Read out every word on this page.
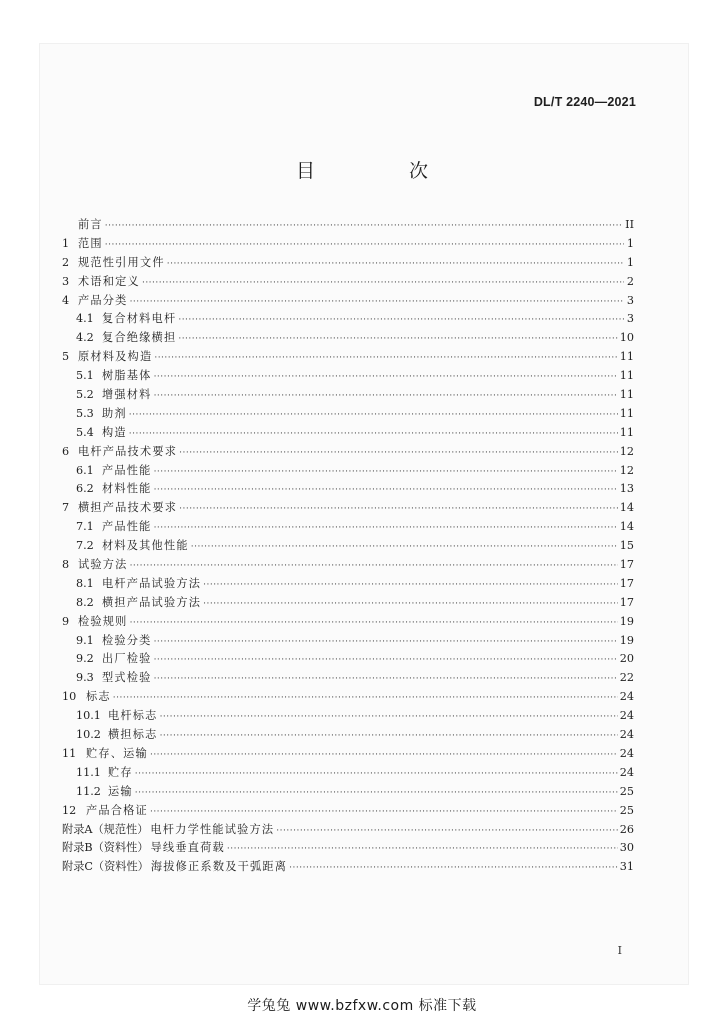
DL/T 2240—2021
目 次
前言 ·····	II
1 范围 ·····	1
2 规范性引用文件 ·····	1
3 术语和定义 ·····	2
4 产品分类 ·····	3
4.1 复合材料电杆 ·····	3
4.2 复合绝缘横担 ·····	10
5 原材料及构造 ·····	11
5.1 树脂基体 ·····	11
5.2 增强材料 ·····	11
5.3 助剂 ·····	11
5.4 构造 ·····	11
6 电杆产品技术要求 ·····	12
6.1 产品性能 ·····	12
6.2 材料性能 ·····	13
7 横担产品技术要求 ·····	14
7.1 产品性能 ·····	14
7.2 材料及其他性能 ·····	15
8 试验方法 ·····	17
8.1 电杆产品试验方法 ·····	17
8.2 横担产品试验方法 ·····	17
9 检验规则 ·····	19
9.1 检验分类 ·····	19
9.2 出厂检验 ·····	20
9.3 型式检验 ·····	22
10 标志 ·····	24
10.1 电杆标志 ·····	24
10.2 横担标志 ·····	24
11 贮存、运输 ·····	24
11.1 贮存 ·····	24
11.2 运输 ·····	25
12 产品合格证 ·····	25
附录A（规范性） 电杆力学性能试验方法 ·····	26
附录B（资料性） 导线垂直荷载 ·····	30
附录C（资料性） 海拔修正系数及干弧距离 ·····	31
I
学兔兔 www.bzfxw.com 标准下载
